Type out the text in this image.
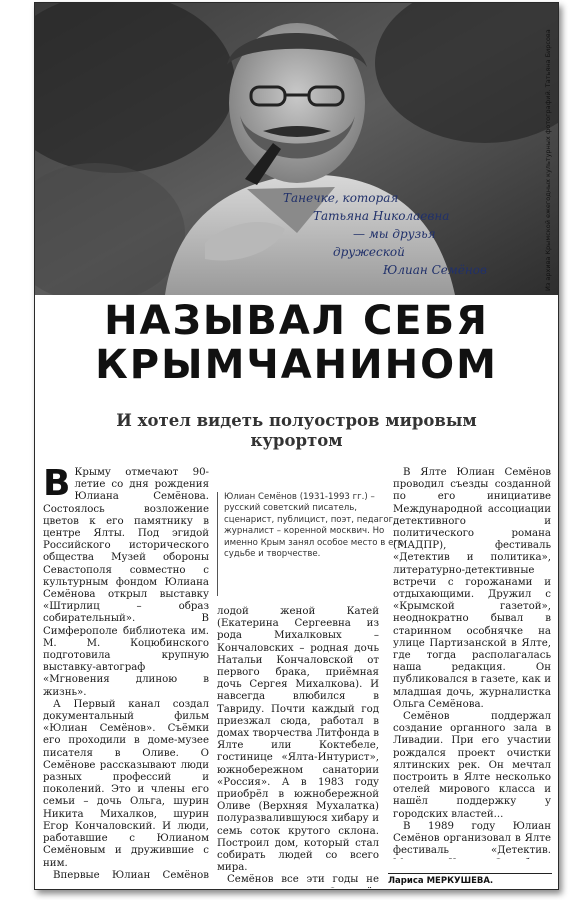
Танечке, которая
Татьяна Николаевна
— мы друзья
дружеской
Юлиан Семёнов	Из архива Крымской ежегодных культурных фотографий. Татьяна Бирсова
НАЗЫВАЛ СЕБЯ КРЫМЧАНИНОМ
И хотел видеть полуостров мировым курортом

В Крыму отмечают 90-летие со дня рождения Юлиана Семёнова. Состоялось возложение цветов к его памятнику в центре Ялты. Под эгидой Российского исторического общества Музей обороны Севастополя совместно с культурным фондом Юлиана Семёнова открыл выставку «Штирлиц – образ собирательный». В Симферополе библиотека им. М. М. Коцюбинского подготовила крупную выставку-автограф «Мгновения длиною в жизнь».

А Первый канал создал документальный фильм «Юлиан Семёнов». Съёмки его проходили в доме-музее писателя в Оливе. О Семёнове рассказывают люди разных профессий и поколений. Это и члены его семьи – дочь Ольга, шурин Никита Михалков, шурин Егор Кончаловский. И люди, работавшие с Юлианом Семёновым и дружившие с ним.

Впервые Юлиан Семёнов

Юлиан Семёнов (1931-1993 гг.) – русский советский писатель, сценарист, публицист, поэт, педагог, журналист – коренной москвич. Но именно Крым занял особое место в его судьбе и творчестве.

лодой женой Катей (Екатерина Сергеевна из рода Михалковых – Кончаловских – родная дочь Натальи Кончаловской от первого брака, приёмная дочь Сергея Михалкова). И навсегда влюбился в Тавриду. Почти каждый год приезжал сюда, работал в домах творчества Литфонда в Ялте или Коктебеле, гостинице «Ялта-Интурист», южнобережном санатории «Россия». А в 1983 году приобрёл в южнобережной Оливе (Верхняя Мухалатка) полуразвалившуюся хибару и семь соток крутого склона. Построил дом, который стал собирать людей со всего мира.

Семёнов все эти годы не

В Ялте Юлиан Семёнов проводил съезды созданной по его инициативе Международной ассоциации детективного и политического романа (МАДПР), фестиваль «Детектив и политика», литературно-детективные встречи с горожанами и отдыхающими. Дружил с «Крымской газетой», неоднократно бывал в старинном особнячке на улице Партизанской в Ялте, где тогда располагалась наша редакция. Он публиковался в газете, как и младшая дочь, журналистка Ольга Семёнова.

Семёнов поддержал создание органного зала в Ливадии. При его участии рождался проект очистки ялтинских рек. Он мечтал построить в Ялте несколько отелей мирового класса и нашёл поддержку у городских властей...

В 1989 году Юлиан Семёнов организовал в Ялте фестиваль «Детектив.

Лариса МЕРКУШЕВА.
